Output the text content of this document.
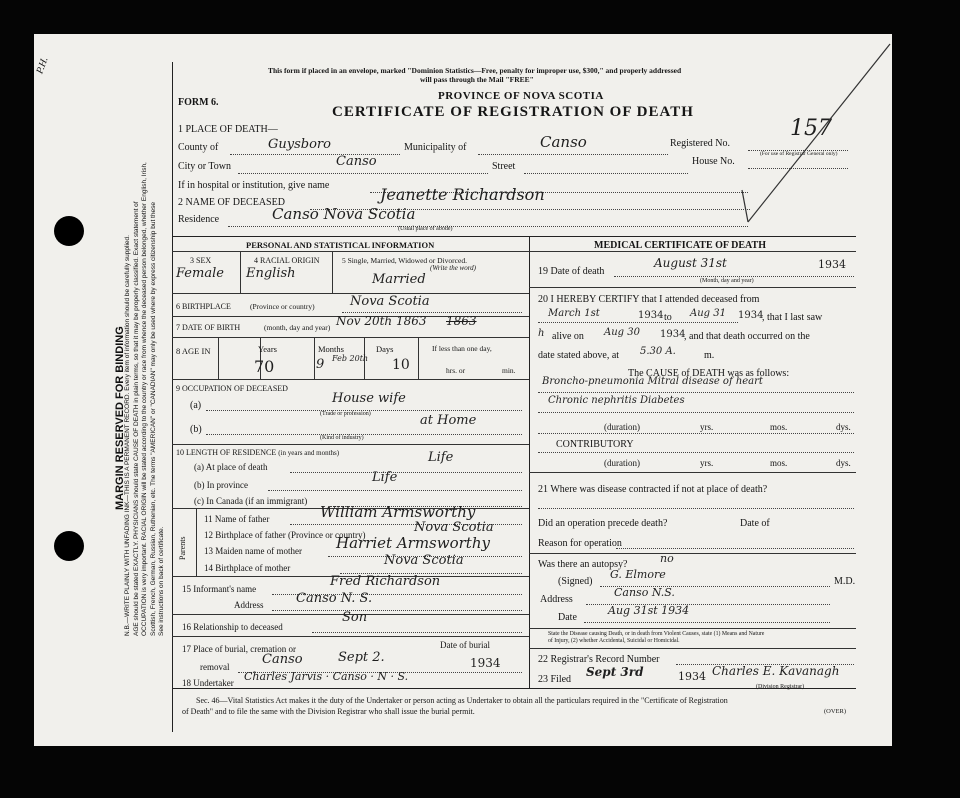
P.H.
MARGIN RESERVED FOR BINDING
N.B.—WRITE PLAINLY WITH UNFADING INK—THIS IS A PERMANENT RECORD. Every item of information should be carefully supplied. AGE should be stated EXACTLY. PHYSICIANS should state CAUSE OF DEATH in plain terms, so that it may be properly classified. Exact statement of OCCUPATION is very important. RACIAL ORIGIN will be stated according to the country or race from whence the deceased person belonged, whether English, Irish, Scottish, French, German, Russian, Ruthenian, etc. The terms "AMERICAN" or "CANADIAN" may only be used where by express citizenship but these See instructions on back of certificate.
This form if placed in an envelope, marked "Dominion Statistics—Free, penalty for improper use, $300," and properly addressed
will pass through the Mail "FREE"
PROVINCE OF NOVA SCOTIA
FORM 6.
CERTIFICATE OF REGISTRATION OF DEATH
1 PLACE OF DEATH—
County of	Guysboro	Municipality of	Canso	Registered No.
157
(For use of Registrar General only)
City or Town	Canso	Street	House No.
If in hospital or institution, give name
2 NAME OF DECEASED	Jeanette Richardson
Residence	Canso Nova Scotia
(Usual place of abode)
PERSONAL AND STATISTICAL INFORMATION
3 SEX	4 RACIAL ORIGIN	5 Single, Married, Widowed or Divorced.
(Write the word)
Female English	Married
6 BIRTHPLACE	(Province or country)	Nova Scotia
7 DATE OF BIRTH	(month, day and year) Nov 20th 1863 1863
8 AGE IN	Years	Months	Days	If less than one day,
hrs. or	min.
70	9 Feb 20th 10
9 OCCUPATION OF DECEASED
(a)	House wife
(Trade or profession)
(b)
at Home
(Kind of industry)
10 LENGTH OF RESIDENCE (in years and months)
(a) At place of death
Life
(b) In province	Life
(c) In Canada (if an immigrant)
Parents
11 Name of father	William Armsworthy
12 Birthplace of father (Province or country)	Nova Scotia
13 Maiden name of mother Harriet Armsworthy
14 Birthplace of mother	Nova Scotia
15 Informant's name	Fred Richardson
Address	Canso N. S.
16 Relationship to deceased
Son
17 Place of burial, cremation or	Date of burial
removal	Canso	Sept 2.	1934
18 Undertaker Charles Jarvis · Canso · N · S.
MEDICAL CERTIFICATE OF DEATH
19 Date of death
August 31st	1934
(Month, day and year)
20 I HEREBY CERTIFY that I attended deceased from
March 1st	1934 to Aug 31 1934
, that I last saw
h alive on Aug 30 1934
, and that death occurred on the
date stated above, at 5.30 A.	m.
The CAUSE of DEATH was as follows:
Broncho-pneumonia Mitral disease of heart
Chronic nephritis Diabetes
(duration)	yrs.	mos.	dys.
CONTRIBUTORY
(duration)	yrs.	mos.	dys.
21 Where was disease contracted if not at place of death?
Did an operation precede death?	Date of
Reason for operation
Was there an autopsy?	no
(Signed)
G. Elmore
M.D.
Address
Canso N.S.
Date
Aug 31st 1934
State the Disease causing Death, or in death from Violent Causes, state (1) Means and Nature
of Injury, (2) whether Accidental, Suicidal or Homicidal.
22 Registrar's Record Number
23 Filed
Sept 3rd	1934 Charles E. Kavanagh
(Division Registrar)
Sec. 46—Vital Statistics Act makes it the duty of the Undertaker or person acting as Undertaker to obtain all the particulars required in the "Certificate of Registration
of Death" and to file the same with the Division Registrar who shall issue the burial permit.	(OVER)
